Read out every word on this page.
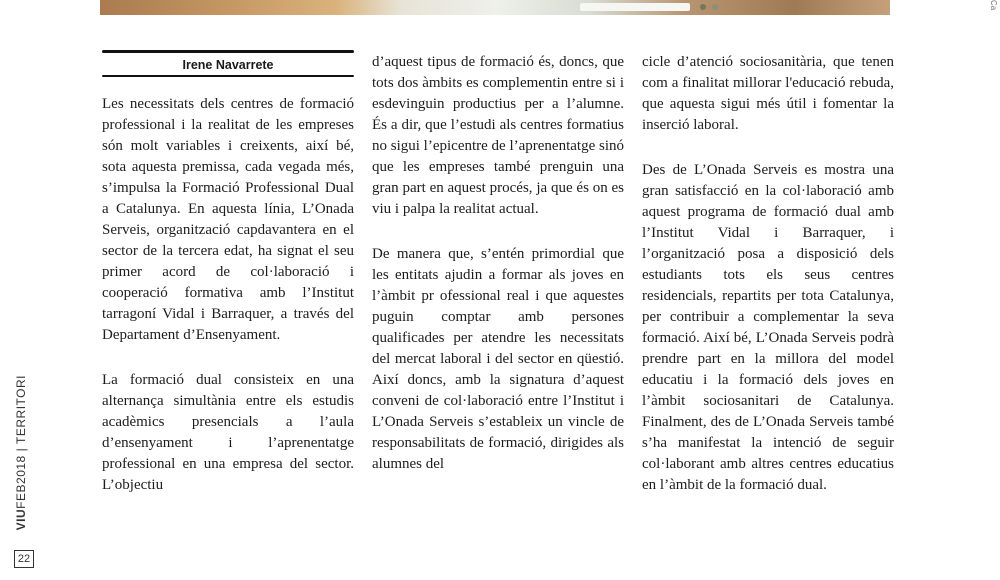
Ca
Irene Navarrete

Les necessitats dels centres de formació professional i la realitat de les empreses són molt variables i creixents, així bé, sota aquesta premissa, cada vegada més, s’impulsa la Formació Professional Dual a Catalunya. En aquesta línia, L’Onada Serveis, organització capdavantera en el sector de la tercera edat, ha signat el seu primer acord de col·laboració i cooperació formativa amb l’Institut tarragoní Vidal i Barraquer, a través del Departament d’Ensenyament.

La formació dual consisteix en una alternança simultània entre els estudis acadèmics presencials a l’aula d’ensenyament i l’aprenentatge professional en una empresa del sector. L’objectiu

d’aquest tipus de formació és, doncs, que tots dos àmbits es complementin entre si i esdevinguin productius per a l’alumne. És a dir, que l’estudi als centres formatius no sigui l’epicentre de l’aprenentatge sinó que les empreses també prenguin una gran part en aquest procés, ja que és on es viu i palpa la realitat actual.

De manera que, s’entén primordial que les entitats ajudin a formar als joves en l’àmbit pr ofessional real i que aquestes puguin comptar amb persones qualificades per atendre les necessitats del mercat laboral i del sector en qüestió. Així doncs, amb la signatura d’aquest conveni de col·laboració entre l’Institut i L’Onada Serveis s’estableix un vincle de responsabilitats de formació, dirigides als alumnes del

cicle d’atenció sociosanitària, que tenen com a finalitat millorar l'educació rebuda, que aquesta sigui més útil i fomentar la inserció laboral.

Des de L’Onada Serveis es mostra una gran satisfacció en la col·laboració amb aquest programa de formació dual amb l’Institut Vidal i Barraquer, i l’organització posa a disposició dels estudiants tots els seus centres residencials, repartits per tota Catalunya, per contribuir a complementar la seva formació. Així bé, L’Onada Serveis podrà prendre part en la millora del model educatiu i la formació dels joves en l’àmbit sociosanitari de Catalunya. Finalment, des de L’Onada Serveis també s’ha manifestat la intenció de seguir col·laborant amb altres centres educatius en l’àmbit de la formació dual.

VIUFEB2018 | TERRITORI
22
